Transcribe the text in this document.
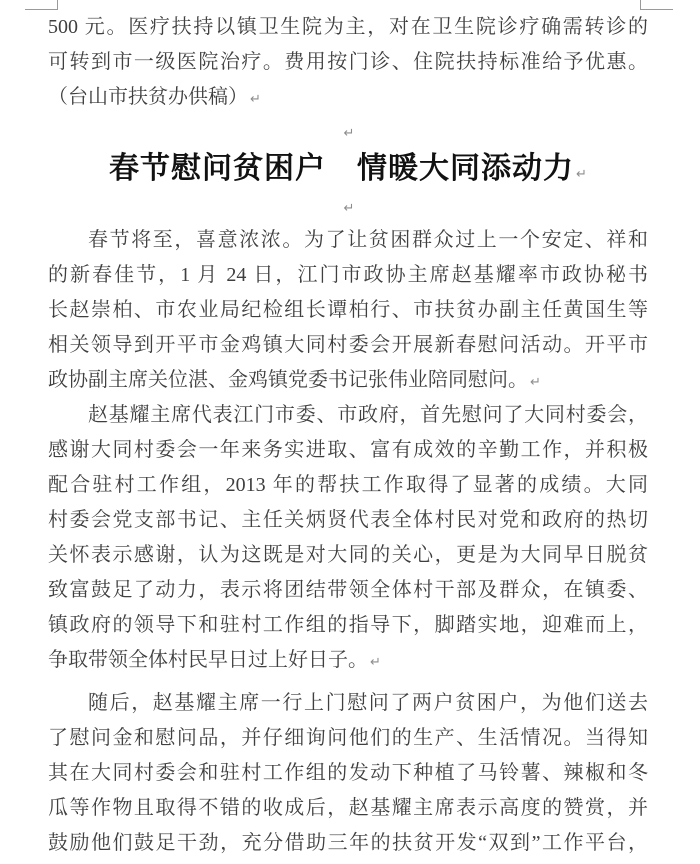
500 元。医疗扶持以镇卫生院为主，对在卫生院诊疗确需转诊的
可转到市一级医院治疗。费用按门诊、住院扶持标准给予优惠。
（台山市扶贫办供稿） ↵
↵
春节慰问贫困户　情暖大同添动力 ↵
↵
春节将至，喜意浓浓。为了让贫困群众过上一个安定、祥和
的新春佳节，1 月 24 日，江门市政协主席赵基耀率市政协秘书
长赵崇柏、市农业局纪检组长谭柏行、市扶贫办副主任黄国生等
相关领导到开平市金鸡镇大同村委会开展新春慰问活动。开平市
政协副主席关位湛、金鸡镇党委书记张伟业陪同慰问。 ↵
赵基耀主席代表江门市委、市政府，首先慰问了大同村委会，
感谢大同村委会一年来务实进取、富有成效的辛勤工作，并积极
配合驻村工作组，2013 年的帮扶工作取得了显著的成绩。大同
村委会党支部书记、主任关炳贤代表全体村民对党和政府的热切
关怀表示感谢，认为这既是对大同的关心，更是为大同早日脱贫
致富鼓足了动力，表示将团结带领全体村干部及群众，在镇委、
镇政府的领导下和驻村工作组的指导下，脚踏实地，迎难而上，
争取带领全体村民早日过上好日子。 ↵
随后，赵基耀主席一行上门慰问了两户贫困户，为他们送去
了慰问金和慰问品，并仔细询问他们的生产、生活情况。当得知
其在大同村委会和驻村工作组的发动下种植了马铃薯、辣椒和冬
瓜等作物且取得不错的收成后，赵基耀主席表示高度的赞赏，并
鼓励他们鼓足干劲，充分借助三年的扶贫开发“双到”工作平台，
